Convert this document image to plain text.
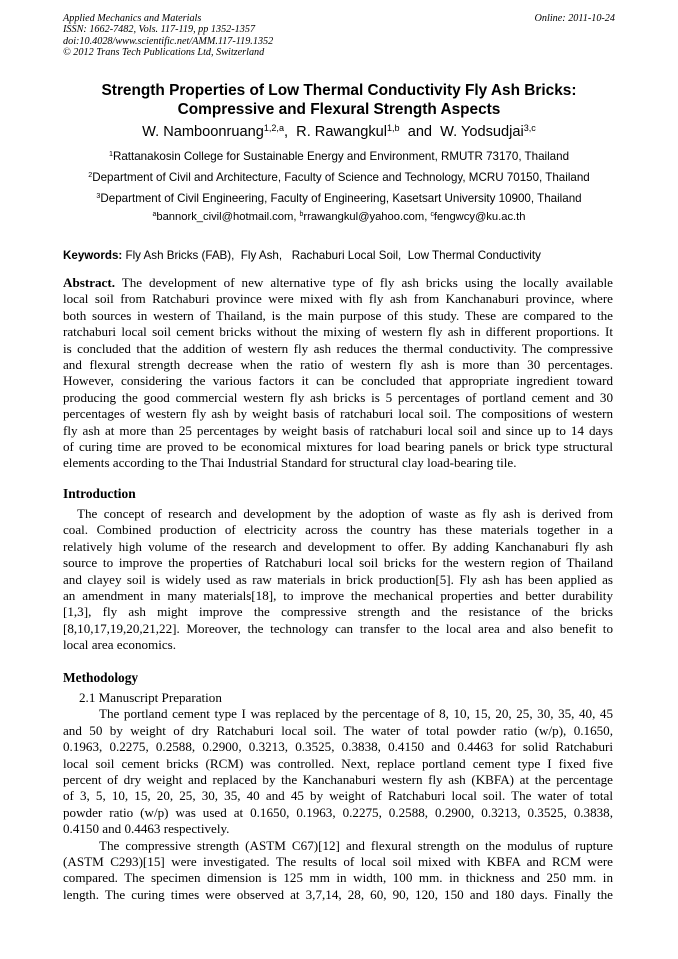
Applied Mechanics and Materials
ISSN: 1662-7482, Vols. 117-119, pp 1352-1357
doi:10.4028/www.scientific.net/AMM.117-119.1352
© 2012 Trans Tech Publications Ltd, Switzerland
Online: 2011-10-24
Strength Properties of Low Thermal Conductivity Fly Ash Bricks:
Compressive and Flexural Strength Aspects
W. Namboonruang$^{1,2,a}$,  R. Rawangkul$^{1,b}$  and  W. Yodsudjai$^{3,c}$
$^1$Rattanakosin College for Sustainable Energy and Environment, RMUTR 73170, Thailand
$^2$Department of Civil and Architecture, Faculty of Science and Technology, MCRU 70150, Thailand
$^3$Department of Civil Engineering, Faculty of Engineering, Kasetsart University 10900, Thailand
$^a$bannork_civil@hotmail.com, $^b$rrawangkul@yahoo.com, $^c$fengwcy@ku.ac.th
Keywords: Fly Ash Bricks (FAB),  Fly Ash,   Rachaburi Local Soil,  Low Thermal Conductivity
Abstract. The development of new alternative type of fly ash bricks using the locally available
local soil from Ratchaburi province were mixed with fly ash from Kanchanaburi province, where
both sources in western of Thailand, is the main purpose of this study. These are compared to the
ratchaburi local soil cement bricks without the mixing of western fly ash in different proportions. It
is concluded that the addition of western fly ash reduces the thermal conductivity. The compressive
and flexural strength decrease when the ratio of western fly ash is more than 30 percentages.
However, considering the various factors it can be concluded that appropriate ingredient toward
producing the good commercial western fly ash bricks is 5 percentages of portland cement and 30
percentages of western fly ash by weight basis of ratchaburi local soil. The compositions of western
fly ash at more than 25 percentages by weight basis of ratchaburi local soil and since up to 14 days
of curing time are proved to be economical mixtures for load bearing panels or brick type structural
elements according to the Thai Industrial Standard for structural clay load-bearing tile.
Introduction
The concept of research and development by the adoption of waste as fly ash is derived from
coal. Combined production of electricity across the country has these materials together in a
relatively high volume of the research and development to offer. By adding Kanchanaburi fly ash
source to improve the properties of Ratchaburi local soil bricks for the western region of Thailand
and clayey soil is widely used as raw materials in brick production[5]. Fly ash has been applied as
an amendment in many materials[18], to improve the mechanical properties and better durability
[1,3], fly ash might improve the compressive strength and the resistance of the bricks
[8,10,17,19,20,21,22]. Moreover, the technology can transfer to the local area and also benefit to
local area economics.
Methodology
2.1 Manuscript Preparation
The portland cement type I was replaced by the percentage of 8, 10, 15, 20, 25, 30, 35, 40, 45
and 50 by weight of dry Ratchaburi local soil. The water of total powder ratio (w/p), 0.1650,
0.1963, 0.2275, 0.2588, 0.2900, 0.3213, 0.3525, 0.3838, 0.4150 and 0.4463 for solid Ratchaburi
local soil cement bricks (RCM) was controlled. Next, replace portland cement type I fixed five
percent of dry weight and replaced by the Kanchanaburi western fly ash (KBFA) at the percentage
of 3, 5, 10, 15, 20, 25, 30, 35, 40 and 45 by weight of Ratchaburi local soil. The water of total
powder ratio (w/p) was used at 0.1650, 0.1963, 0.2275, 0.2588, 0.2900, 0.3213, 0.3525, 0.3838,
0.4150 and 0.4463 respectively.
The compressive strength (ASTM C67)[12] and flexural strength on the modulus of rupture
(ASTM C293)[15] were investigated. The results of local soil mixed with KBFA and RCM were
compared. The specimen dimension is 125 mm in width, 100 mm. in thickness and 250 mm. in
length. The curing times were observed at 3,7,14, 28, 60, 90, 120, 150 and 180 days. Finally the
